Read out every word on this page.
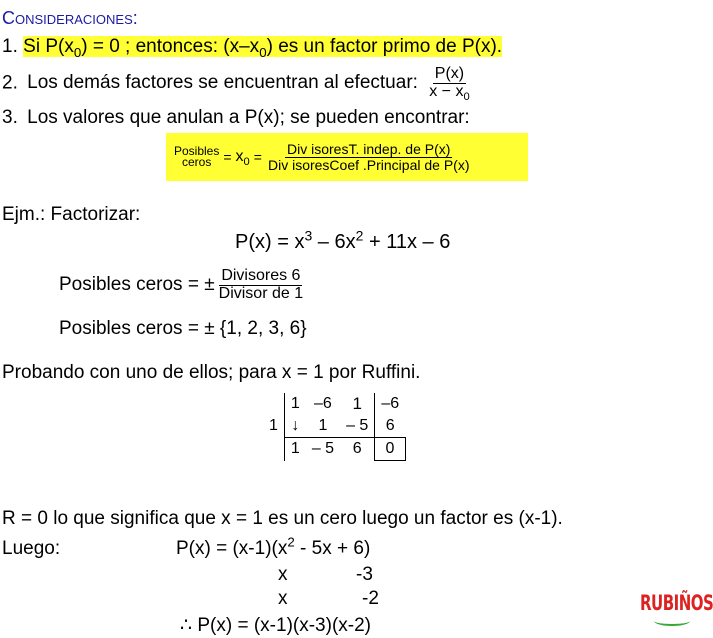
Consideraciones:
1. Si $P(x_0) = 0$ ; entonces: $(x-x_0)$ es un factor primo de P(x).
2. Los demás factores se encuentran al efectuar: $\frac{P(x)}{x - x_0}$
3. Los valores que anulan a P(x); se pueden encontrar:
Posibles
ceros = $x_0 = \frac{\text{Div isoresT. indep. de P(x)}}{\text{Div isoresCoef .Principal de P(x)}}$
Ejm.: Factorizar:
$P(x) = x^3 - 6x^2 + 11x - 6$
Posibles ceros = ± $\frac{\text{Divisores 6}}{\text{Divisor de 1}}$
Posibles ceros = ± {1, 2, 3, 6}
Probando con uno de ellos; para x = 1 por Ruffini.
	1	–6	1	–6
1	↓	1	– 5	6
	1	– 5	6	0
R = 0 lo que significa que x = 1 es un cero luego un factor es (x-1).
Luego:	$P(x) = (x-1)(x^2 - 5x + 6)$
x	-3
x	-2
∴ P(x) = (x-1)(x-3)(x-2)
RUBIÑOS
